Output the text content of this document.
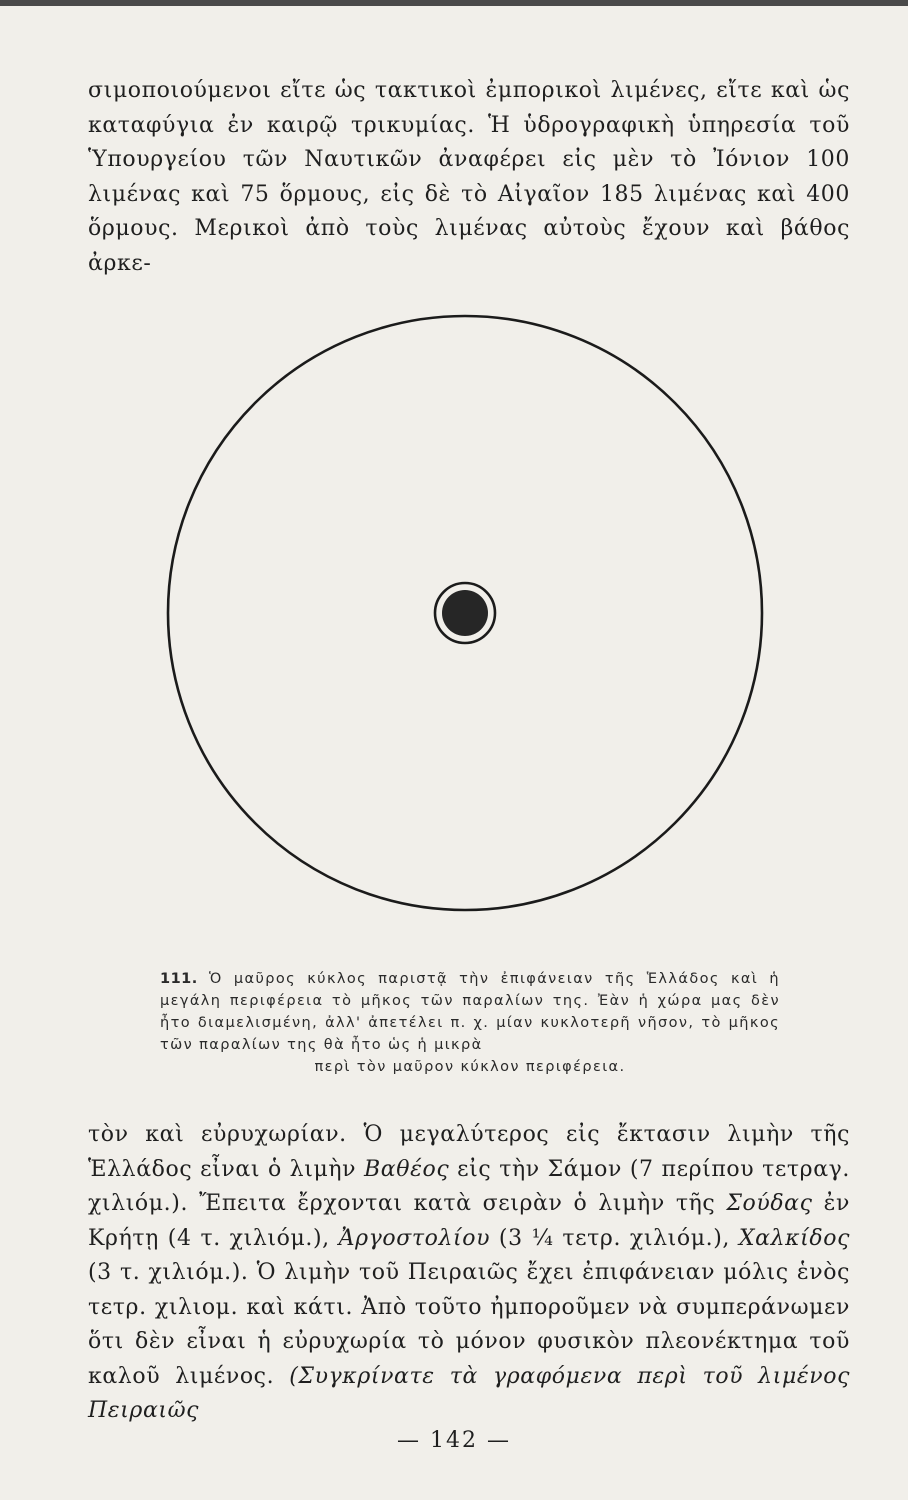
σιμοποιούμενοι εἴτε ὡς τακτικοὶ ἐμπορικοὶ λιμένες, εἴτε καὶ ὡς καταφύγια ἐν καιρῷ τρικυμίας. Ἡ ὑδρογραφικὴ ὑπηρεσία τοῦ Ὑπουργείου τῶν Ναυτικῶν ἀναφέρει εἰς μὲν τὸ Ἰόνιον 100 λιμένας καὶ 75 ὅρμους, εἰς δὲ τὸ Αἰγαῖον 185 λιμένας καὶ 400 ὅρμους. Μερικοὶ ἀπὸ τοὺς λιμένας αὐτοὺς ἔχουν καὶ βάθος ἀρκε-

111. Ὁ μαῦρος κύκλος παριστᾷ τὴν ἐπιφάνειαν τῆς Ἑλλάδος καὶ ἡ μεγάλη περιφέρεια τὸ μῆκος τῶν παραλίων της. Ἐὰν ἡ χώρα μας δὲν ἦτο διαμελισμένη, ἀλλ' ἀπετέλει π. χ. μίαν κυκλοτερῆ νῆσον, τὸ μῆκος τῶν παραλίων της θὰ ἦτο ὡς ἡ μικρὰ
περὶ τὸν μαῦρον κύκλον περιφέρεια.

τὸν καὶ εὐρυχωρίαν. Ὁ μεγαλύτερος εἰς ἔκτασιν λιμὴν τῆς Ἑλλάδος εἶναι ὁ λιμὴν Βαθέος εἰς τὴν Σάμον (7 περίπου τετραγ. χιλιόμ.). Ἔπειτα ἔρχονται κατὰ σειρὰν ὁ λιμὴν τῆς Σούδας ἐν Κρήτῃ (4 τ. χιλιόμ.), Ἀργοστολίου (3 ¼ τετρ. χιλιόμ.), Χαλκίδος (3 τ. χιλιόμ.). Ὁ λιμὴν τοῦ Πειραιῶς ἔχει ἐπιφάνειαν μόλις ἑνὸς τετρ. χιλιομ. καὶ κάτι. Ἀπὸ τοῦτο ἠμποροῦμεν νὰ συμπεράνωμεν ὅτι δὲν εἶναι ἡ εὐρυχωρία τὸ μόνον φυσικὸν πλεονέκτημα τοῦ καλοῦ λιμένος. (Συγκρίνατε τὰ γραφόμενα περὶ τοῦ λιμένος Πειραιῶς

— 142 —
